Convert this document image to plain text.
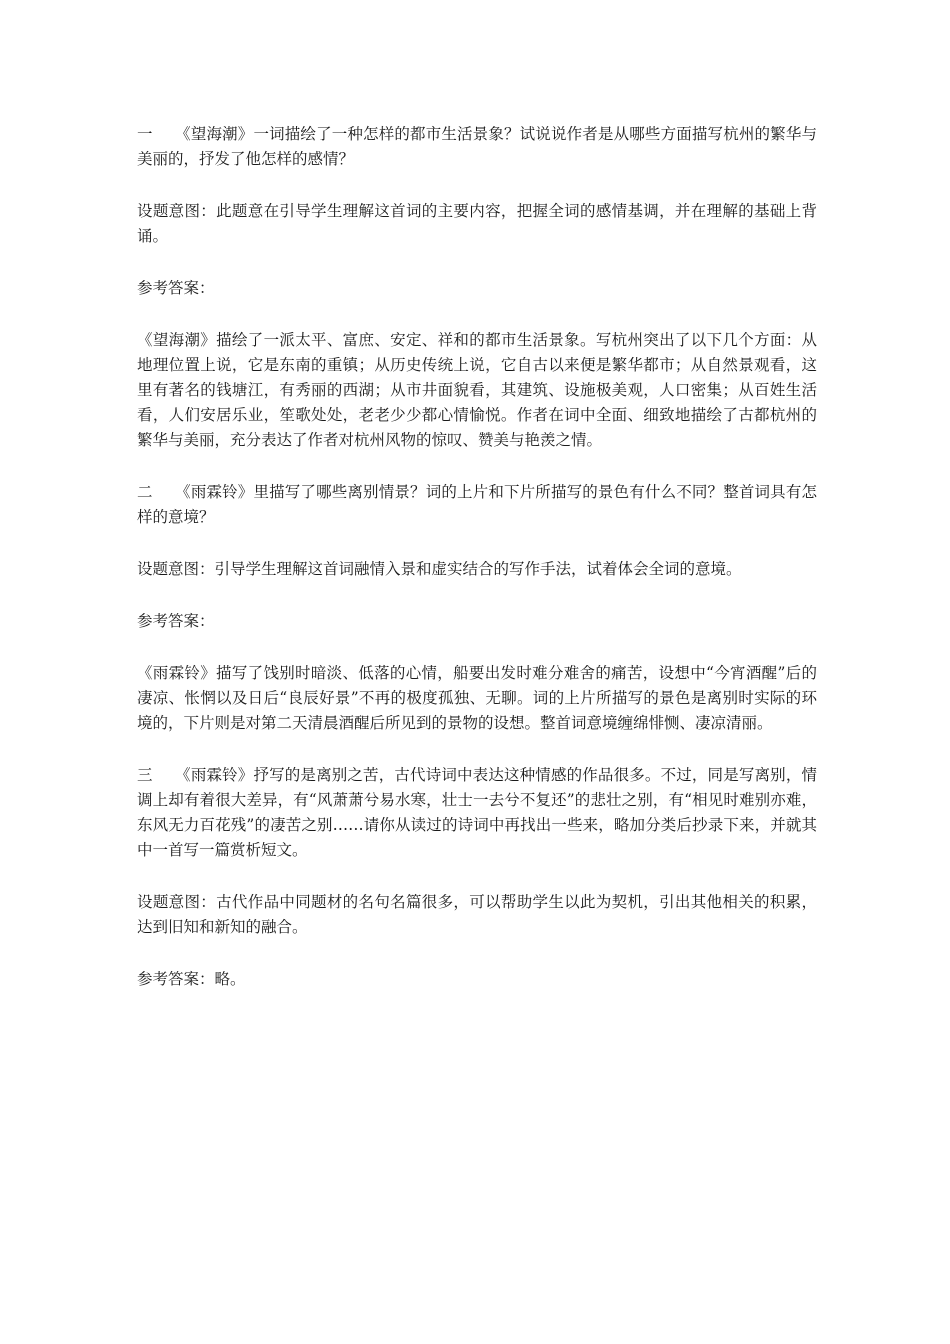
一 《望海潮》一词描绘了一种怎样的都市生活景象？试说说作者是从哪些方面描写杭州的繁华与美丽的，抒发了他怎样的感情？

设题意图：此题意在引导学生理解这首词的主要内容，把握全词的感情基调，并在理解的基础上背诵。

参考答案：

《望海潮》描绘了一派太平、富庶、安定、祥和的都市生活景象。写杭州突出了以下几个方面：从地理位置上说，它是东南的重镇；从历史传统上说，它自古以来便是繁华都市；从自然景观看，这里有著名的钱塘江，有秀丽的西湖；从市井面貌看，其建筑、设施极美观，人口密集；从百姓生活看，人们安居乐业，笙歌处处，老老少少都心情愉悦。作者在词中全面、细致地描绘了古都杭州的繁华与美丽，充分表达了作者对杭州风物的惊叹、赞美与艳羡之情。

二 《雨霖铃》里描写了哪些离别情景？词的上片和下片所描写的景色有什么不同？整首词具有怎样的意境？

设题意图：引导学生理解这首词融情入景和虚实结合的写作手法，试着体会全词的意境。

参考答案：

《雨霖铃》描写了饯别时暗淡、低落的心情，船要出发时难分难舍的痛苦，设想中“今宵酒醒”后的凄凉、怅惘以及日后“良辰好景”不再的极度孤独、无聊。词的上片所描写的景色是离别时实际的环境的，下片则是对第二天清晨酒醒后所见到的景物的设想。整首词意境缠绵悱恻、凄凉清丽。

三 《雨霖铃》抒写的是离别之苦，古代诗词中表达这种情感的作品很多。不过，同是写离别，情调上却有着很大差异，有“风萧萧兮易水寒，壮士一去兮不复还”的悲壮之别，有“相见时难别亦难，东风无力百花残”的凄苦之别……请你从读过的诗词中再找出一些来，略加分类后抄录下来，并就其中一首写一篇赏析短文。

设题意图：古代作品中同题材的名句名篇很多，可以帮助学生以此为契机，引出其他相关的积累，达到旧知和新知的融合。

参考答案：略。
